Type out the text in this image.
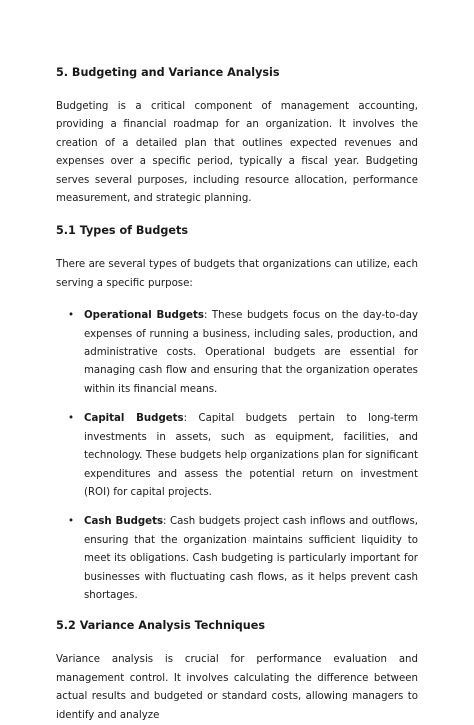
5. Budgeting and Variance Analysis

Budgeting is a critical component of management accounting, providing a financial roadmap for an organization. It involves the creation of a detailed plan that outlines expected revenues and expenses over a specific period, typically a fiscal year. Budgeting serves several purposes, including resource allocation, performance measurement, and strategic planning.

5.1 Types of Budgets

There are several types of budgets that organizations can utilize, each serving a specific purpose:

• Operational Budgets: These budgets focus on the day-to-day expenses of running a business, including sales, production, and administrative costs. Operational budgets are essential for managing cash flow and ensuring that the organization operates within its financial means.
• Capital Budgets: Capital budgets pertain to long-term investments in assets, such as equipment, facilities, and technology. These budgets help organizations plan for significant expenditures and assess the potential return on investment (ROI) for capital projects.
• Cash Budgets: Cash budgets project cash inflows and outflows, ensuring that the organization maintains sufficient liquidity to meet its obligations. Cash budgeting is particularly important for businesses with fluctuating cash flows, as it helps prevent cash shortages.
5.2 Variance Analysis Techniques

Variance analysis is crucial for performance evaluation and management control. It involves calculating the difference between actual results and budgeted or standard costs, allowing managers to identify and analyze
